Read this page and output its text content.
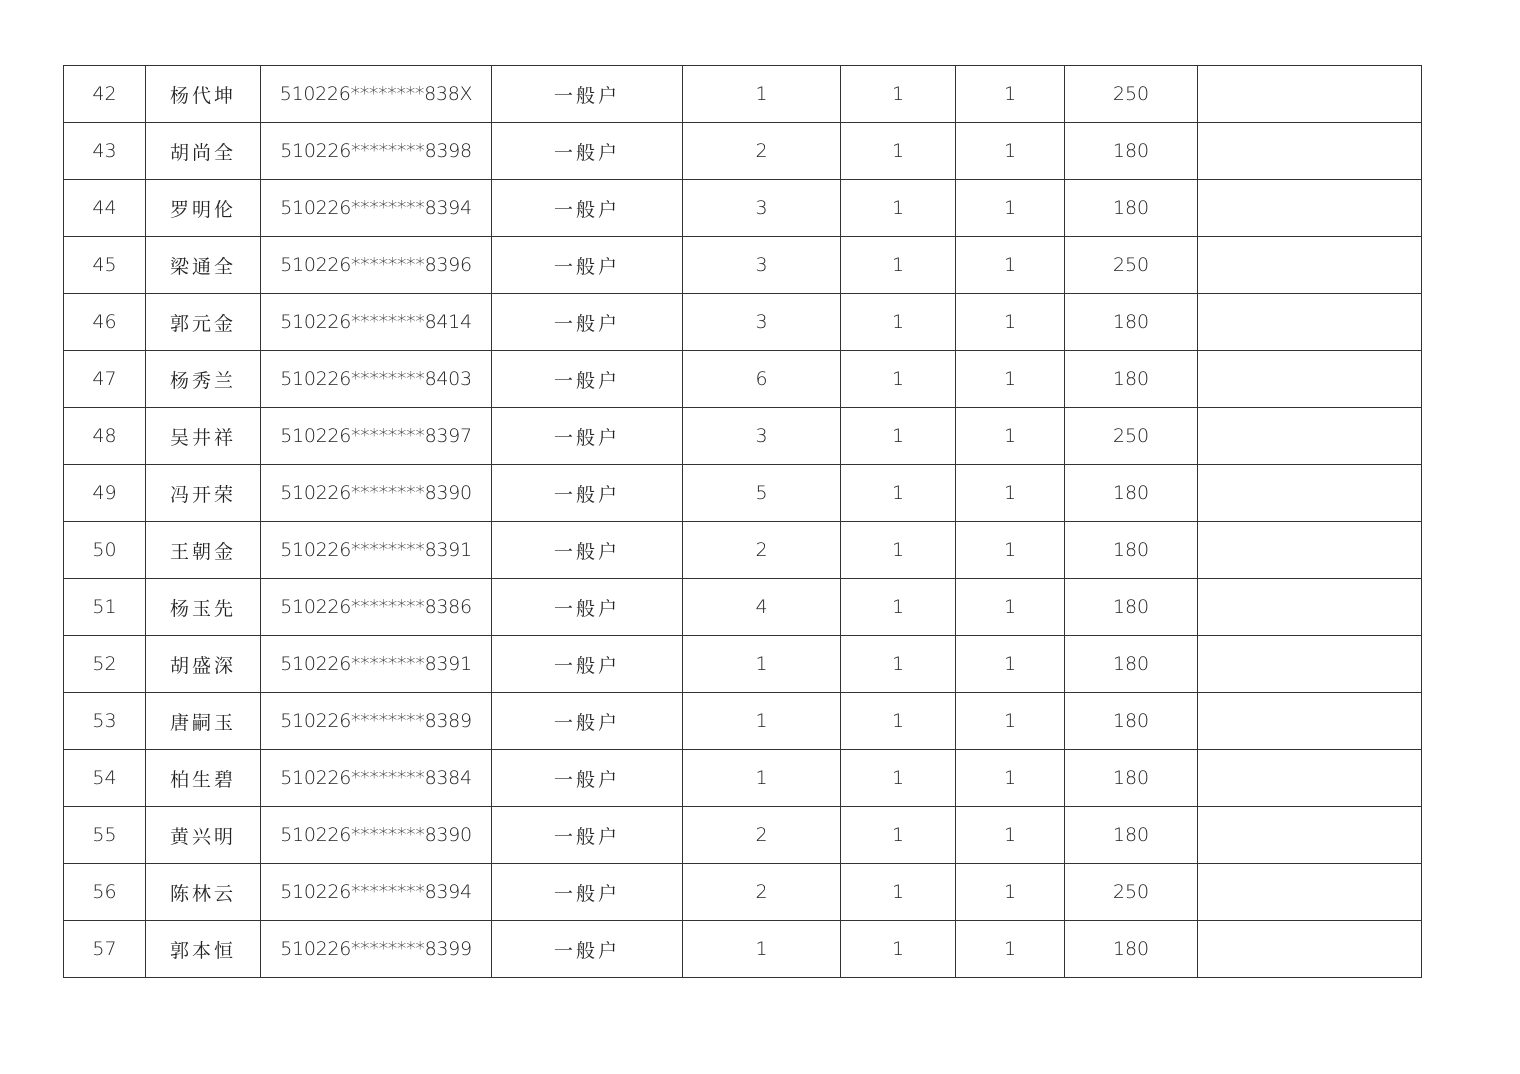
42	杨代坤	510226********838X	一般户	1	1	1	250	
43	胡尚全	510226********8398	一般户	2	1	1	180	
44	罗明伦	510226********8394	一般户	3	1	1	180	
45	梁通全	510226********8396	一般户	3	1	1	250	
46	郭元金	510226********8414	一般户	3	1	1	180	
47	杨秀兰	510226********8403	一般户	6	1	1	180	
48	吴井祥	510226********8397	一般户	3	1	1	250	
49	冯开荣	510226********8390	一般户	5	1	1	180	
50	王朝金	510226********8391	一般户	2	1	1	180	
51	杨玉先	510226********8386	一般户	4	1	1	180	
52	胡盛深	510226********8391	一般户	1	1	1	180	
53	唐嗣玉	510226********8389	一般户	1	1	1	180	
54	柏生碧	510226********8384	一般户	1	1	1	180	
55	黄兴明	510226********8390	一般户	2	1	1	180	
56	陈林云	510226********8394	一般户	2	1	1	250	
57	郭本恒	510226********8399	一般户	1	1	1	180	
